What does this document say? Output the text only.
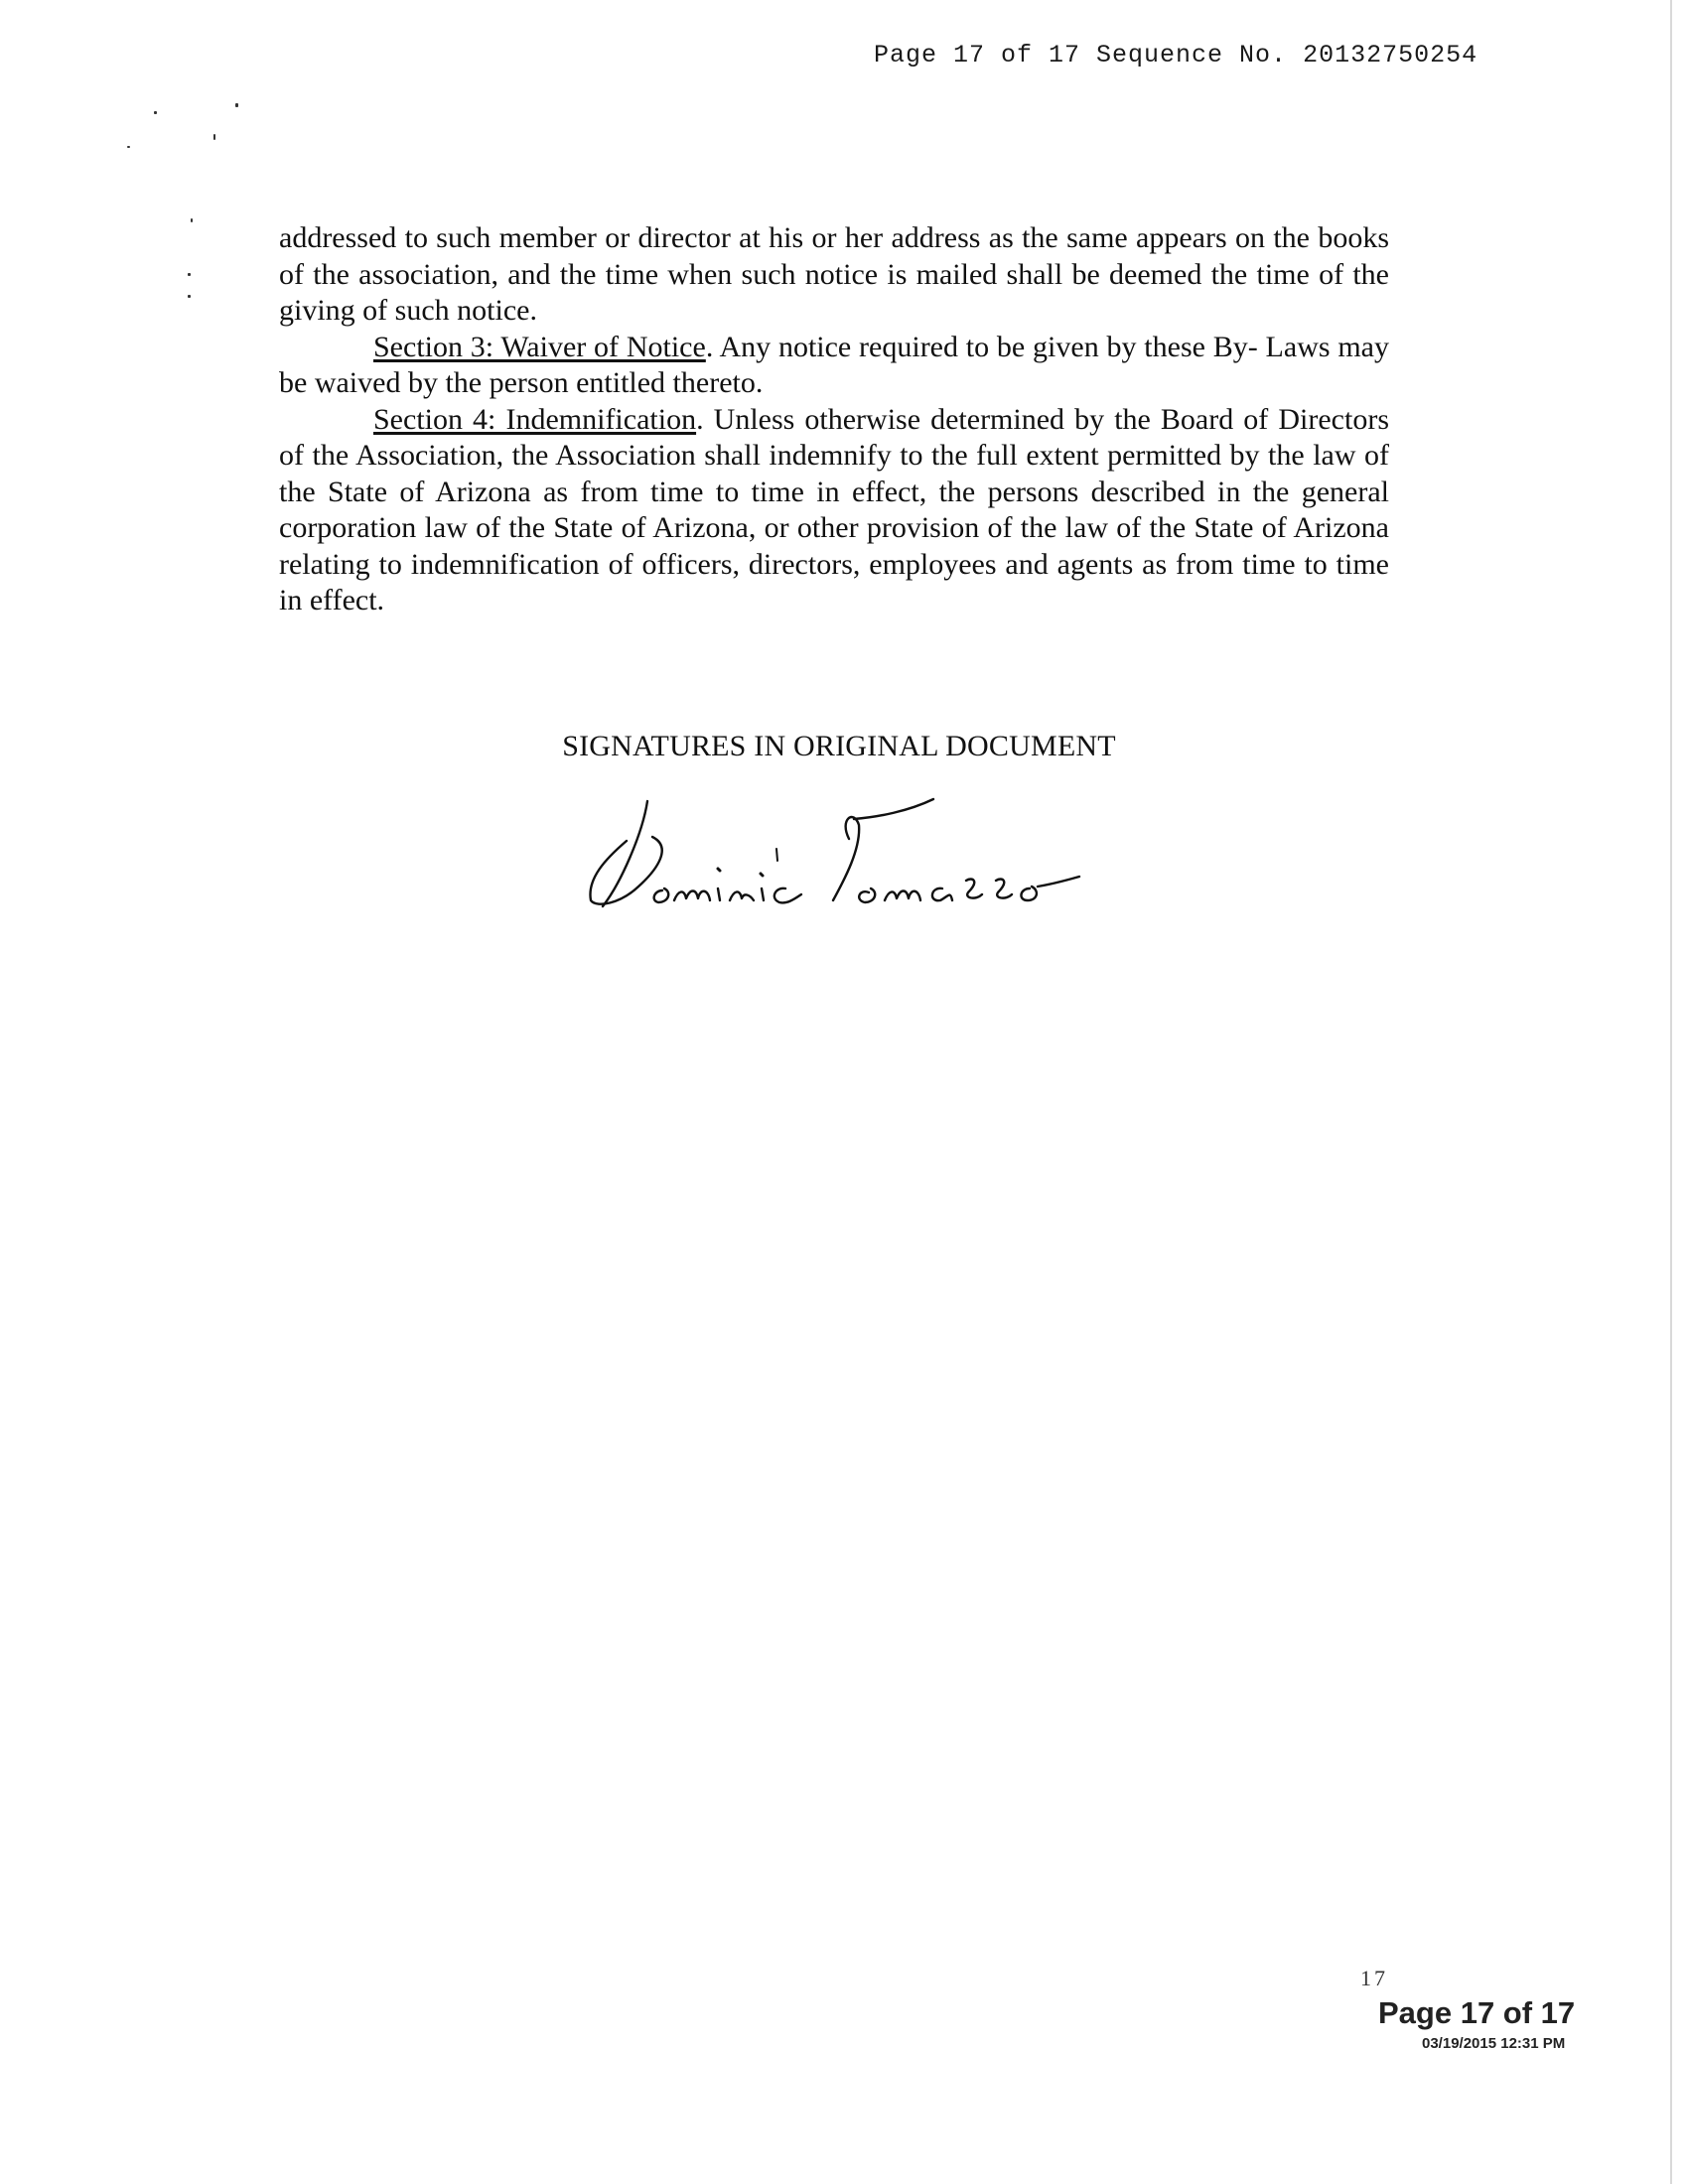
Page 17 of 17 Sequence No. 20132750254

addressed to such member or director at his or her address as the same appears on the books of the association, and the time when such notice is mailed shall be deemed the time of the giving of such notice.

Section 3: Waiver of Notice. Any notice required to be given by these By- Laws may be waived by the person entitled thereto.

Section 4: Indemnification. Unless otherwise determined by the Board of Directors of the Association, the Association shall indemnify to the full extent permitted by the law of the State of Arizona as from time to time in effect, the persons described in the general corporation law of the State of Arizona, or other provision of the law of the State of Arizona relating to indemnification of officers, directors, employees and agents as from time to time in effect.

SIGNATURES IN ORIGINAL DOCUMENT
17
Page 17 of 17
03/19/2015 12:31 PM
